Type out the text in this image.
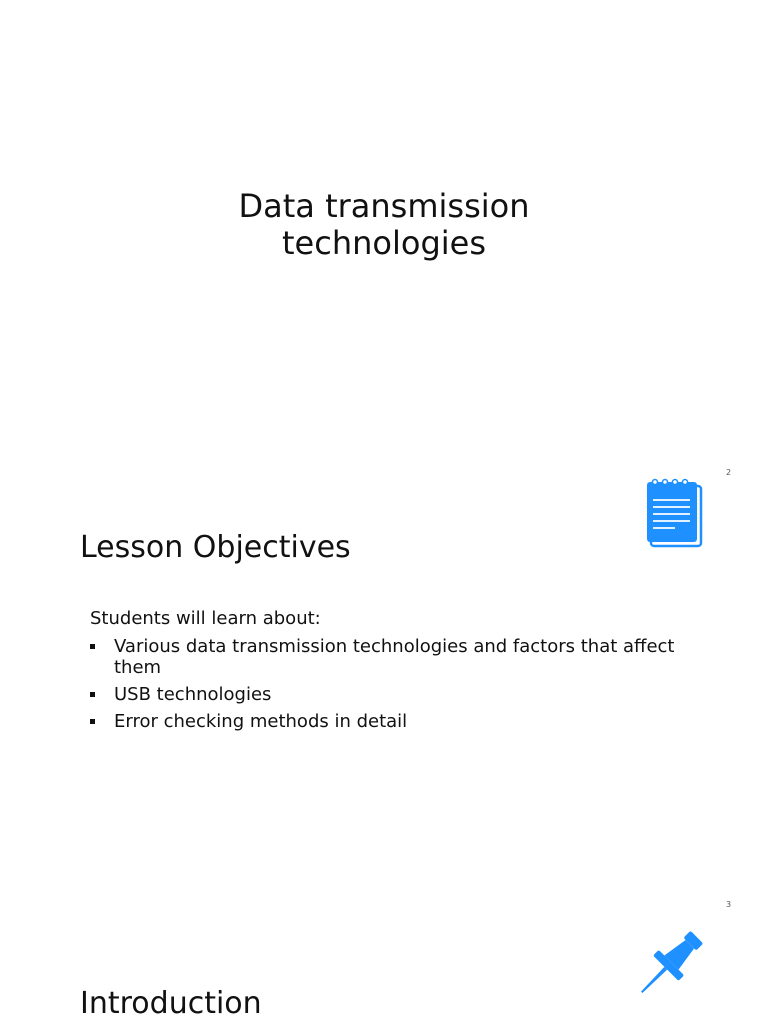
Data transmission
technologies
2
Lesson Objectives

Students will learn about:

Various data transmission technologies and factors that affect them
USB technologies
Error checking methods in detail
3
Introduction
